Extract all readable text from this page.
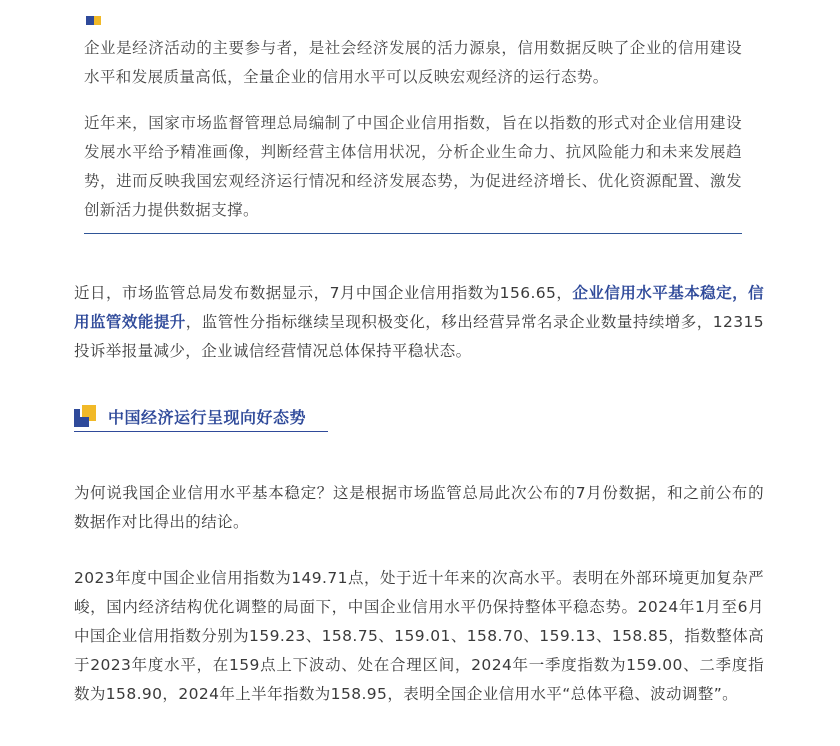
企业是经济活动的主要参与者，是社会经济发展的活力源泉，信用数据反映了企业的信用建设水平和发展质量高低，全量企业的信用水平可以反映宏观经济的运行态势。

近年来，国家市场监督管理总局编制了中国企业信用指数，旨在以指数的形式对企业信用建设发展水平给予精准画像，判断经营主体信用状况，分析企业生命力、抗风险能力和未来发展趋势，进而反映我国宏观经济运行情况和经济发展态势，为促进经济增长、优化资源配置、激发创新活力提供数据支撑。

近日，市场监管总局发布数据显示，7月中国企业信用指数为156.65，企业信用水平基本稳定，信用监管效能提升，监管性分指标继续呈现积极变化，移出经营异常名录企业数量持续增多，12315投诉举报量减少，企业诚信经营情况总体保持平稳状态。

中国经济运行呈现向好态势

为何说我国企业信用水平基本稳定？这是根据市场监管总局此次公布的7月份数据，和之前公布的数据作对比得出的结论。

2023年度中国企业信用指数为149.71点，处于近十年来的次高水平。表明在外部环境更加复杂严峻，国内经济结构优化调整的局面下，中国企业信用水平仍保持整体平稳态势。2024年1月至6月中国企业信用指数分别为159.23、158.75、159.01、158.70、159.13、158.85，指数整体高于2023年度水平，在159点上下波动、处在合理区间，2024年一季度指数为159.00、二季度指数为158.90，2024年上半年指数为158.95，表明全国企业信用水平“总体平稳、波动调整”。
